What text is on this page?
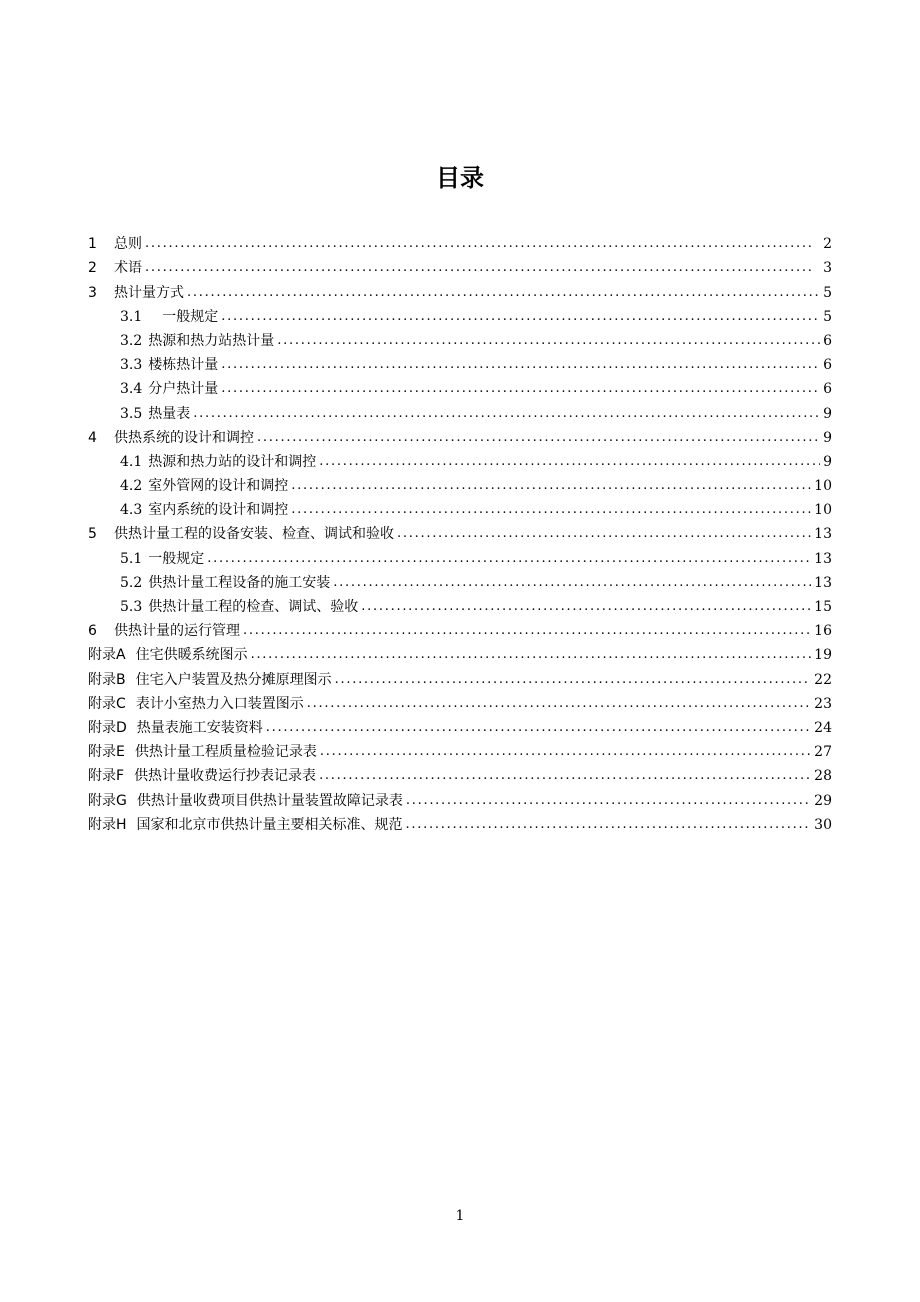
目录
1	总则 . . .	2
2	术语 . . .	3
3	热计量方式 . . .	5
3.1 　一般规定 . . .	5
3.2 热源和热力站热计量 . . .	6
3.3 楼栋热计量 . . .	6
3.4 分户热计量 . . .	6
3.5 热量表 . . .	9
4	供热系统的设计和调控 . . .	9
4.1 热源和热力站的设计和调控 . . .	9
4.2 室外管网的设计和调控 . . .	10
4.3 室内系统的设计和调控 . . .	10
5	供热计量工程的设备安装、检查、调试和验收 . . .	13
5.1 一般规定 . . .	13
5.2 供热计量工程设备的施工安装 . . .	13
5.3 供热计量工程的检查、调试、验收 . . .	15
6	供热计量的运行管理 . . .	16
附录A 住宅供暖系统图示 . . .	19
附录B 住宅入户装置及热分摊原理图示 . . .	22
附录C 表计小室热力入口装置图示 . . .	23
附录D 热量表施工安装资料 . . .	24
附录E 供热计量工程质量检验记录表 . . .	27
附录F 供热计量收费运行抄表记录表 . . .	28
附录G 供热计量收费项目供热计量装置故障记录表 . . .	29
附录H 国家和北京市供热计量主要相关标准、规范 . . .	30
1
